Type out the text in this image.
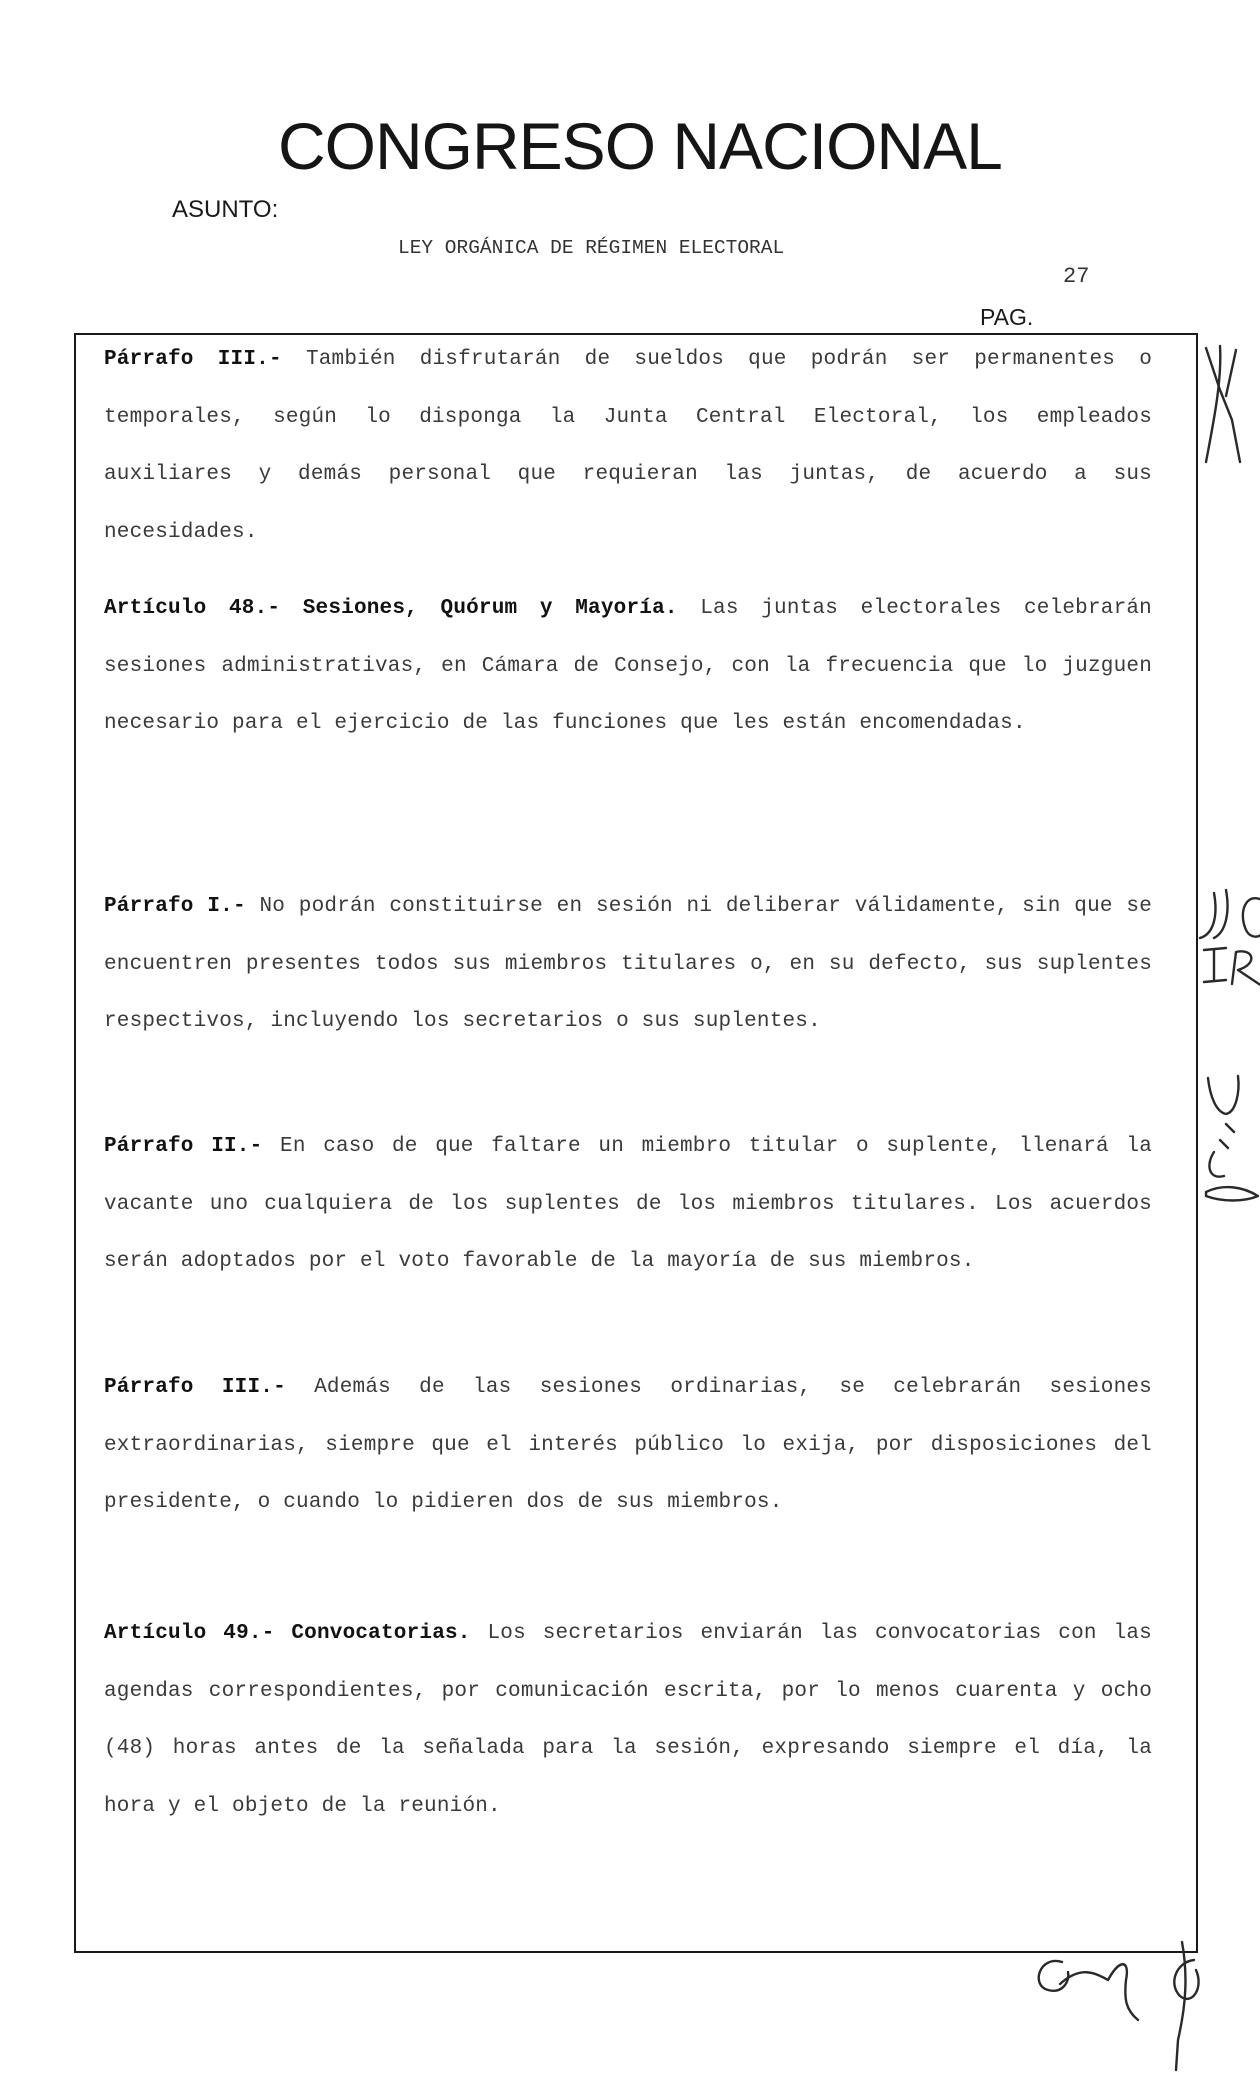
CONGRESO NACIONAL
ASUNTO:
LEY ORGÁNICA DE RÉGIMEN ELECTORAL
27
PAG.

Párrafo III.- También disfrutarán de sueldos que podrán ser permanentes o temporales, según lo disponga la Junta Central Electoral, los empleados auxiliares y demás personal que requieran las juntas, de acuerdo a sus necesidades.

Artículo 48.- Sesiones, Quórum y Mayoría. Las juntas electorales celebrarán sesiones administrativas, en Cámara de Consejo, con la frecuencia que lo juzguen necesario para el ejercicio de las funciones que les están encomendadas.

Párrafo I.- No podrán constituirse en sesión ni deliberar válidamente, sin que se encuentren presentes todos sus miembros titulares o, en su defecto, sus suplentes respectivos, incluyendo los secretarios o sus suplentes.

Párrafo II.- En caso de que faltare un miembro titular o suplente, llenará la vacante uno cualquiera de los suplentes de los miembros titulares. Los acuerdos serán adoptados por el voto favorable de la mayoría de sus miembros.

Párrafo III.- Además de las sesiones ordinarias, se celebrarán sesiones extraordinarias, siempre que el interés público lo exija, por disposiciones del presidente, o cuando lo pidieren dos de sus miembros.

Artículo 49.- Convocatorias. Los secretarios enviarán las convocatorias con las agendas correspondientes, por comunicación escrita, por lo menos cuarenta y ocho (48) horas antes de la señalada para la sesión, expresando siempre el día, la hora y el objeto de la reunión.
